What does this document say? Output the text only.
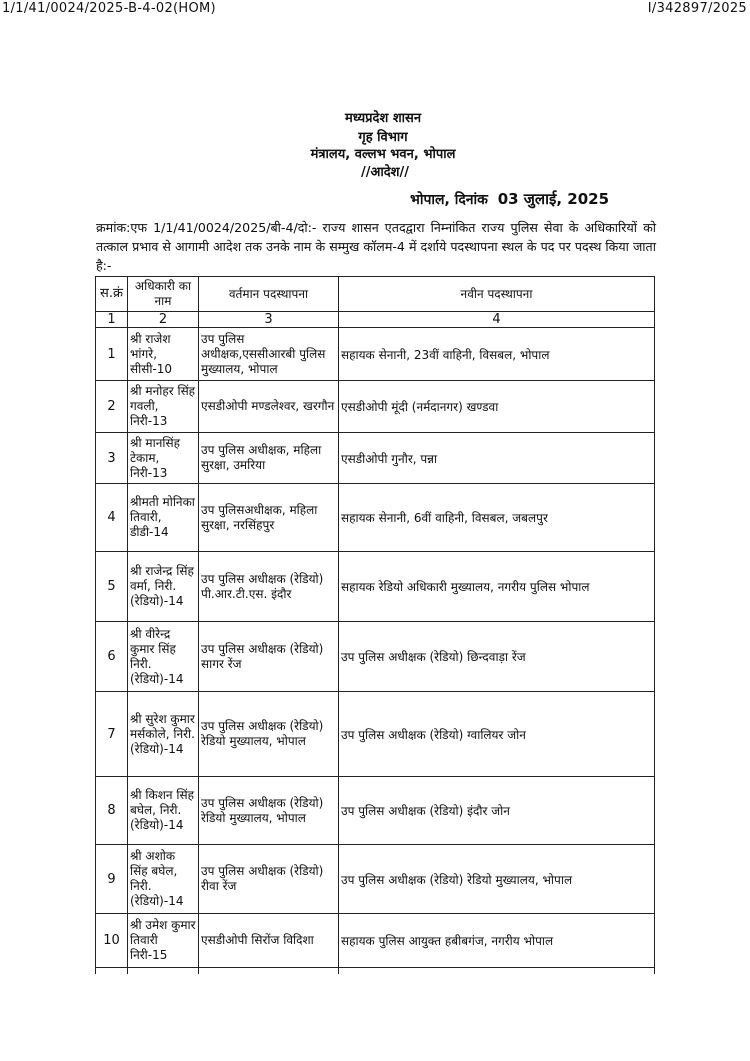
1/1/41/0024/2025-B-4-02(HOM)	I/342897/2025
मध्यप्रदेश शासन
गृह विभाग
मंत्रालय, वल्लभ भवन, भोपाल
//आदेश//
भोपाल, दिनांक 03 जुलाई, 2025
क्रमांक:एफ 1/1/41/0024/2025/बी-4/दो:- राज्य शासन एतदद्वारा निम्नांकित राज्य पुलिस सेवा के अधिकारियों को तत्काल प्रभाव से आगामी आदेश तक उनके नाम के सम्मुख कॉलम-4 में दर्शाये पदस्थापना स्थल के पद पर पदस्थ किया जाता है:-
स.क्रं	अधिकारी का नाम	वर्तमान पदस्थापना	नवीन पदस्थापना
1	2	3	4
1	श्री राजेश भांगरे, सीसी-10	उप पुलिस अधीक्षक,एससीआरबी पुलिस मुख्यालय, भोपाल	सहायक सेनानी, 23वीं वाहिनी, विसबल, भोपाल
2	श्री मनोहर सिंह गवली, निरी-13	एसडीओपी मण्डलेश्वर, खरगौन	एसडीओपी मूंदी (नर्मदानगर) खण्डवा
3	श्री मानसिंह टेकाम, निरी-13	उप पुलिस अधीक्षक, महिला सुरक्षा, उमरिया	एसडीओपी गुनौर, पन्ना
4	श्रीमती मोनिका तिवारी, डीडी-14	उप पुलिसअधीक्षक, महिला सुरक्षा, नरसिंहपुर	सहायक सेनानी, 6वीं वाहिनी, विसबल, जबलपुर
5	श्री राजेन्द्र सिंह वर्मा, निरी. (रेडियो)-14	उप पुलिस अधीक्षक (रेडियो) पी.आर.टी.एस. इंदौर	सहायक रेडियो अधिकारी मुख्यालय, नगरीय पुलिस भोपाल
6	श्री वीरेन्द्र कुमार सिंह निरी. (रेडियो)-14	उप पुलिस अधीक्षक (रेडियो) सागर रेंज	उप पुलिस अधीक्षक (रेडियो) छिन्दवाड़ा रेंज
7	श्री सुरेश कुमार मर्सकोले, निरी. (रेडियो)-14	उप पुलिस अधीक्षक (रेडियो) रेडियो मुख्यालय, भोपाल	उप पुलिस अधीक्षक (रेडियो) ग्वालियर जोन
8	श्री किशन सिंह बघेल, निरी. (रेडियो)-14	उप पुलिस अधीक्षक (रेडियो) रेडियो मुख्यालय, भोपाल	उप पुलिस अधीक्षक (रेडियो) इंदौर जोन
9	श्री अशोक सिंह बघेल, निरी. (रेडियो)-14	उप पुलिस अधीक्षक (रेडियो) रीवा रेंज	उप पुलिस अधीक्षक (रेडियो) रेडियो मुख्यालय, भोपाल
10	श्री उमेश कुमार तिवारी निरी-15	एसडीओपी सिरोंज विदिशा	सहायक पुलिस आयुक्त हबीबगंज, नगरीय भोपाल
